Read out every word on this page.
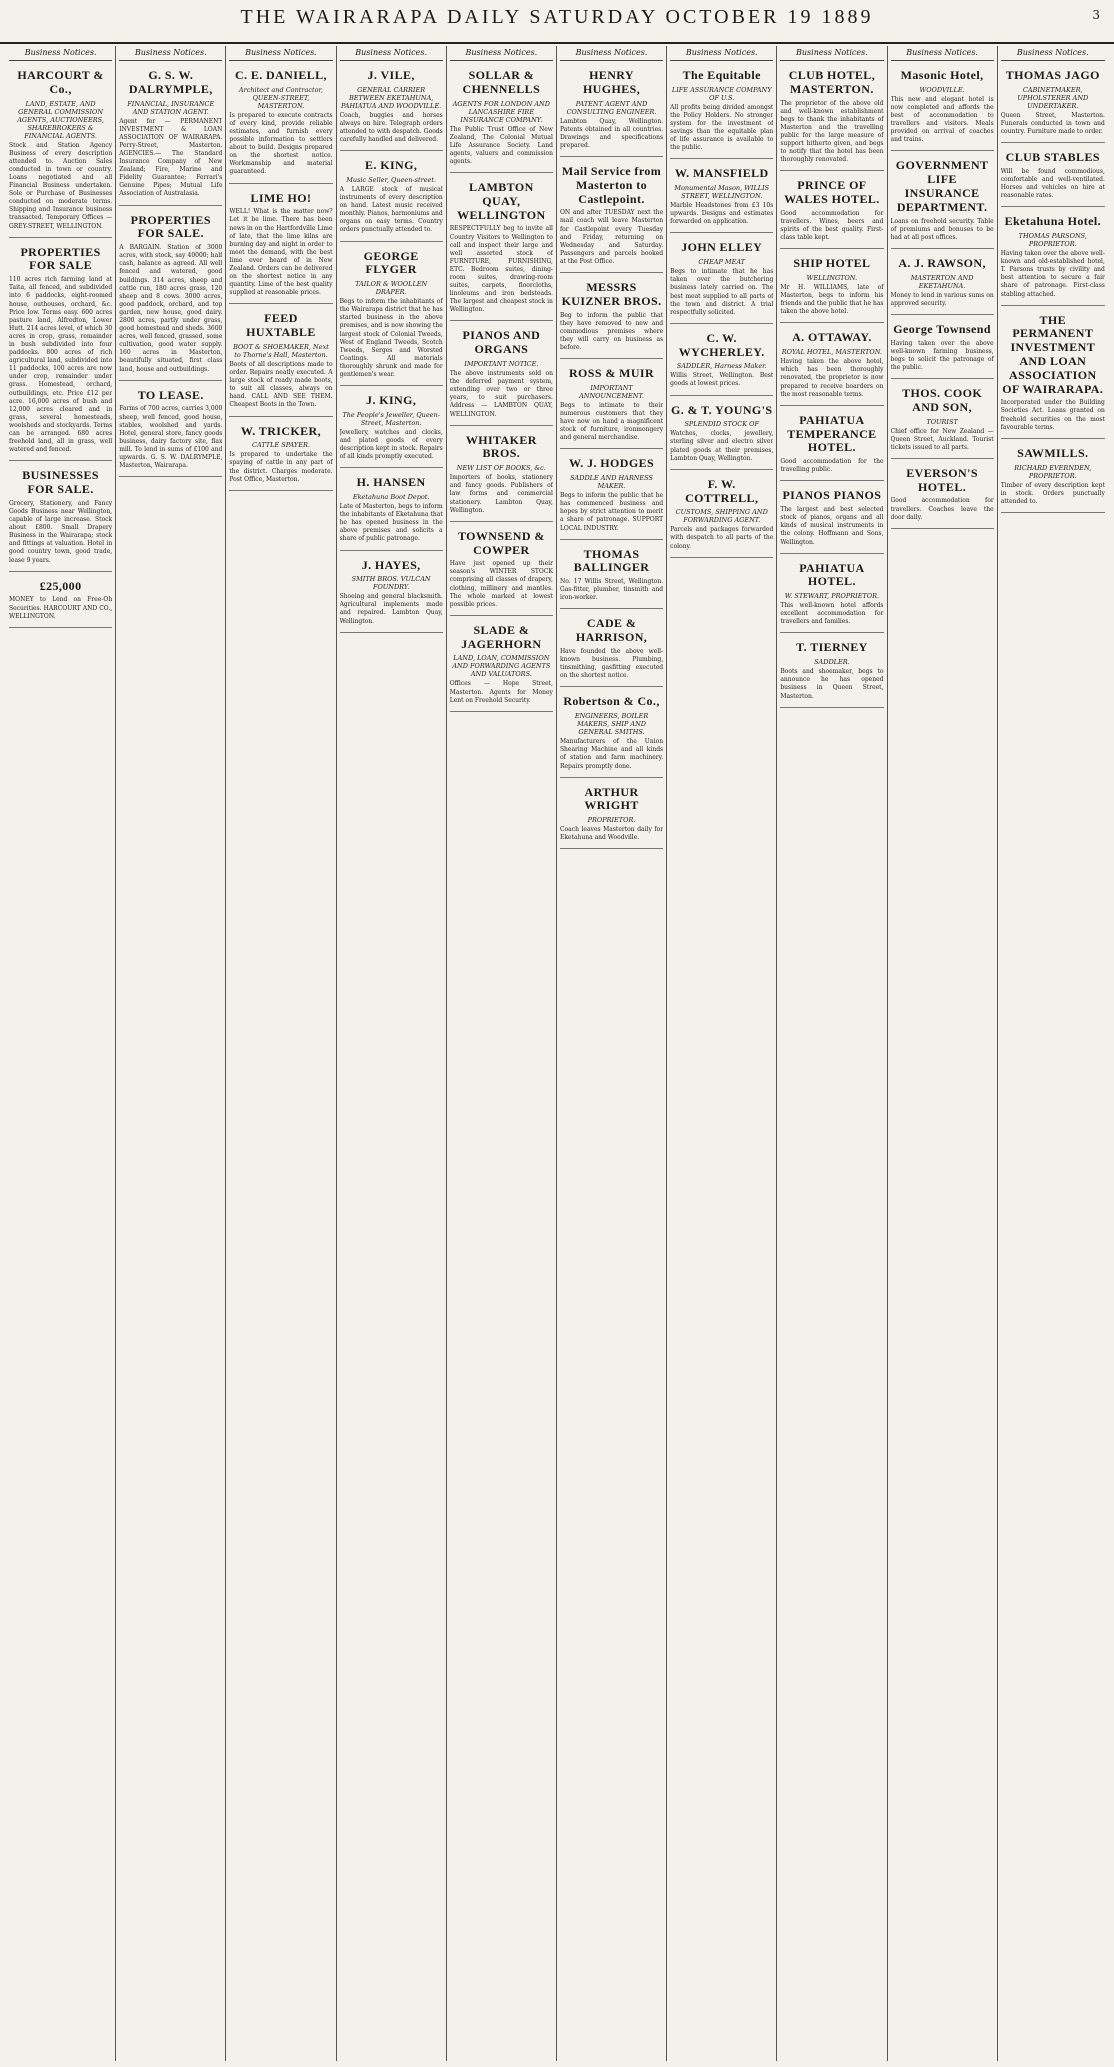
THE WAIRARAPA DAILY SATURDAY OCTOBER 19 1889	3
Business Notices.
HARCOURT & Co.,
LAND, ESTATE, AND GENERAL COMMISSION AGENTS, AUCTIONEERS, SHAREBROKERS & FINANCIAL AGENTS.

Stock and Station Agency Business of every description attended to. Auction Sales conducted in town or country. Loans negotiated and all Financial Business undertaken. Sole or Purchase of Businesses conducted on moderate terms. Shipping and Insurance business transacted. Temporary Offices — GREY-STREET, WELLINGTON.

PROPERTIES FOR SALE

110 acres rich farming land at Taita, all fenced, and subdivided into 6 paddocks, eight-roomed house, outhouses, orchard, &c. Price low. Terms easy. 600 acres pasture land, Alfredton, Lower Hutt. 214 acres level, of which 30 acres in crop, grass, remainder in bush subdivided into four paddocks. 800 acres of rich agricultural land, subdivided into 11 paddocks, 100 acres are now under crop, remainder under grass. Homestead, orchard, outbuildings, etc. Price £12 per acre. 16,000 acres of bush and 12,000 acres cleared and in grass, several homesteads, woolsheds and stockyards. Terms can be arranged. 680 acres freehold land, all in grass, well watered and fenced.

BUSINESSES FOR SALE.

Grocery, Stationery, and Fancy Goods Business near Wellington, capable of large increase. Stock about £800. Small Drapery Business in the Wairarapa; stock and fittings at valuation. Hotel in good country town, good trade, lease 9 years.

£25,000

MONEY to Lend on Free-Oh Securities. HARCOURT AND CO., WELLINGTON.

Business Notices.
G. S. W. DALRYMPLE,
FINANCIAL, INSURANCE AND STATION AGENT.

Agent for — PERMANENT INVESTMENT & LOAN ASSOCIATION OF WAIRARAPA. Perry-Street, Masterton. AGENCIES.— The Standard Insurance Company of New Zealand; Fire, Marine and Fidelity Guarantee; Ferrari's Genuine Pipes; Mutual Life Association of Australasia.

PROPERTIES FOR SALE.

A BARGAIN. Station of 3000 acres, with stock, say 40000; half cash, balance as agreed. All well fenced and watered, good buildings. 314 acres, sheep and cattle run, 180 acres grass, 120 sheep and 8 cows. 3000 acres, good paddock, orchard, and top garden, new house, good dairy. 2800 acres, partly under grass, good homestead and sheds. 3600 acres, well fenced, grassed, some cultivation, good water supply. 160 acres in Masterton, beautifully situated, first class land, house and outbuildings.

TO LEASE.

Farms of 700 acres, carries 3,000 sheep, well fenced, good house, stables, woolshed and yards. Hotel, general store, fancy goods business, dairy factory site, flax mill. To lend in sums of £100 and upwards. G. S. W. DALRYMPLE, Masterton, Wairarapa.

Business Notices.
C. E. DANIELL,
Architect and Contractor, QUEEN-STREET, MASTERTON.

Is prepared to execute contracts of every kind, provide reliable estimates, and furnish every possible information to settlers about to build. Designs prepared on the shortest notice. Workmanship and material guaranteed.

LIME HO!

WELL! What is the matter now? Let it be lime. There has been news in on the Hartfordville Lime of late, that the lime kilns are burning day and night in order to meet the demand, with the best lime ever heard of in New Zealand. Orders can be delivered on the shortest notice in any quantity. Lime of the best quality supplied at reasonable prices.

FEED HUXTABLE
BOOT & SHOEMAKER, Next to Thorne's Hall, Masterton.

Boots of all descriptions made to order. Repairs neatly executed. A large stock of ready made boots, to suit all classes, always on hand. CALL AND SEE THEM. Cheapest Boots in the Town.

W. TRICKER,
CATTLE SPAYER.

Is prepared to undertake the spaying of cattle in any part of the district. Charges moderate. Post Office, Masterton.

Business Notices.
J. VILE,
GENERAL CARRIER BETWEEN EKETAHUNA, PAHIATUA AND WOODVILLE.

Coach, buggies and horses always on hire. Telegraph orders attended to with despatch. Goods carefully handled and delivered.

E. KING,
Music Seller, Queen-street.

A LARGE stock of musical instruments of every description on hand. Latest music received monthly. Pianos, harmoniums and organs on easy terms. Country orders punctually attended to.

GEORGE FLYGER
TAILOR & WOOLLEN DRAPER.

Begs to inform the inhabitants of the Wairarapa district that he has started business in the above premises, and is now showing the largest stock of Colonial Tweeds, West of England Tweeds, Scotch Tweeds, Serges and Worsted Coatings. All materials thoroughly shrunk and made for gentlemen's wear.

J. KING,
The People's Jeweller, Queen-Street, Masterton.

Jewellery, watches and clocks, and plated goods of every description kept in stock. Repairs of all kinds promptly executed.

H. HANSEN
Eketahuna Boot Depot.

Late of Masterton, begs to inform the inhabitants of Eketahuna that he has opened business in the above premises and solicits a share of public patronage.

J. HAYES,
SMITH BROS. VULCAN FOUNDRY.

Shoeing and general blacksmith. Agricultural implements made and repaired. Lambton Quay, Wellington.

Business Notices.
SOLLAR & CHENNELLS
AGENTS FOR LONDON AND LANCASHIRE FIRE INSURANCE COMPANY.

The Public Trust Office of New Zealand, The Colonial Mutual Life Assurance Society. Land agents, valuers and commission agents.

LAMBTON QUAY, WELLINGTON

RESPECTFULLY beg to invite all Country Visitors to Wellington to call and inspect their large and well assorted stock of FURNITURE, FURNISHING, ETC. Bedroom suites, dining-room suites, drawing-room suites, carpets, floorcloths, linoleums and iron bedsteads. The largest and cheapest stock in Wellington.

PIANOS AND ORGANS
IMPORTANT NOTICE.

The above instruments sold on the deferred payment system, extending over two or three years, to suit purchasers. Address — LAMBTON QUAY, WELLINGTON.

WHITAKER BROS.
NEW LIST OF BOOKS, &c.

Importers of books, stationery and fancy goods. Publishers of law forms and commercial stationery. Lambton Quay, Wellington.

TOWNSEND & COWPER

Have just opened up their season's WINTER STOCK comprising all classes of drapery, clothing, millinery and mantles. The whole marked at lowest possible prices.

SLADE & JAGERHORN
LAND, LOAN, COMMISSION AND FORWARDING AGENTS AND VALUATORS.

Offices — Hope Street, Masterton. Agents for Money Lent on Freehold Security.

Business Notices.
HENRY HUGHES,
PATENT AGENT AND CONSULTING ENGINEER.

Lambton Quay, Wellington. Patents obtained in all countries. Drawings and specifications prepared.

Mail Service from Masterton to Castlepoint.

ON and after TUESDAY next the mail coach will leave Masterton for Castlepoint every Tuesday and Friday, returning on Wednesday and Saturday. Passengers and parcels booked at the Post Office.

MESSRS KUIZNER BROS.

Beg to inform the public that they have removed to new and commodious premises where they will carry on business as before.

ROSS & MUIR
IMPORTANT ANNOUNCEMENT.

Begs to intimate to their numerous customers that they have now on hand a magnificent stock of furniture, ironmongery and general merchandise.

W. J. HODGES
SADDLE AND HARNESS MAKER.

Begs to inform the public that he has commenced business and hopes by strict attention to merit a share of patronage. SUPPORT LOCAL INDUSTRY.

THOMAS BALLINGER

No. 17 Willis Street, Wellington. Gas-fitter, plumber, tinsmith and iron-worker.

CADE & HARRISON,

Have founded the above well-known business. Plumbing, tinsmithing, gasfitting executed on the shortest notice.

Robertson & Co.,
ENGINEERS, BOILER MAKERS, SHIP AND GENERAL SMITHS.

Manufacturers of the Union Shearing Machine and all kinds of station and farm machinery. Repairs promptly done.

ARTHUR WRIGHT
PROPRIETOR.

Coach leaves Masterton daily for Eketahuna and Woodville.

Business Notices.
The Equitable
LIFE ASSURANCE COMPANY OF U.S.

All profits being divided amongst the Policy Holders. No stronger system for the investment of savings than the equitable plan of life assurance is available to the public.

W. MANSFIELD
Monumental Mason, WILLIS STREET, WELLINGTON.

Marble Headstones from £3 10s upwards. Designs and estimates forwarded on application.

JOHN ELLEY
CHEAP MEAT

Begs to intimate that he has taken over the butchering business lately carried on. The best meat supplied to all parts of the town and district. A trial respectfully solicited.

C. W. WYCHERLEY.
SADDLER, Harness Maker.

Willis Street, Wellington. Best goods at lowest prices.

G. & T. YOUNG'S
SPLENDID STOCK OF

Watches, clocks, jewellery, sterling silver and electro silver plated goods at their premises, Lambton Quay, Wellington.

F. W. COTTRELL,
CUSTOMS, SHIPPING AND FORWARDING AGENT.

Parcels and packages forwarded with despatch to all parts of the colony.

Business Notices.
CLUB HOTEL, MASTERTON.

The proprietor of the above old and well-known establishment begs to thank the inhabitants of Masterton and the travelling public for the large measure of support hitherto given, and begs to notify that the hotel has been thoroughly renovated.

PRINCE OF WALES HOTEL.

Good accommodation for travellers. Wines, beers and spirits of the best quality. First-class table kept.

SHIP HOTEL
WELLINGTON.

Mr H. WILLIAMS, late of Masterton, begs to inform his friends and the public that he has taken the above hotel.

A. OTTAWAY.
ROYAL HOTEL, MASTERTON.

Having taken the above hotel, which has been thoroughly renovated, the proprietor is now prepared to receive boarders on the most reasonable terms.

PAHIATUA TEMPERANCE HOTEL.

Good accommodation for the travelling public.

PIANOS PIANOS

The largest and best selected stock of pianos, organs and all kinds of musical instruments in the colony. Hoffmann and Sons, Wellington.

PAHIATUA HOTEL.
W. STEWART, PROPRIETOR.

This well-known hotel affords excellent accommodation for travellers and families.

T. TIERNEY
SADDLER.

Boots and shoemaker, begs to announce he has opened business in Queen Street, Masterton.

Business Notices.
Masonic Hotel,
WOODVILLE.

This new and elegant hotel is now completed and affords the best of accommodation to travellers and visitors. Meals provided on arrival of coaches and trains.

GOVERNMENT LIFE INSURANCE DEPARTMENT.

Loans on freehold security. Table of premiums and bonuses to be had at all post offices.

A. J. RAWSON,
MASTERTON AND EKETAHUNA.

Money to lend in various sums on approved security.

George Townsend

Having taken over the above well-known farming business, begs to solicit the patronage of the public.

THOS. COOK AND SON,
TOURIST

Chief office for New Zealand — Queen Street, Auckland. Tourist tickets issued to all parts.

EVERSON'S HOTEL.

Good accommodation for travellers. Coaches leave the door daily.

Business Notices.
THOMAS JAGO
CABINETMAKER, UPHOLSTERER AND UNDERTAKER.

Queen Street, Masterton. Funerals conducted in town and country. Furniture made to order.

CLUB STABLES

Will be found commodious, comfortable and well-ventilated. Horses and vehicles on hire at reasonable rates.

Eketahuna Hotel.
THOMAS PARSONS, PROPRIETOR.

Having taken over the above well-known and old-established hotel, T. Parsons trusts by civility and best attention to secure a fair share of patronage. First-class stabling attached.

THE PERMANENT INVESTMENT AND LOAN ASSOCIATION OF WAIRARAPA.

Incorporated under the Building Societies Act. Loans granted on freehold securities on the most favourable terms.

SAWMILLS.
RICHARD EVERNDEN, PROPRIETOR.

Timber of every description kept in stock. Orders punctually attended to.
